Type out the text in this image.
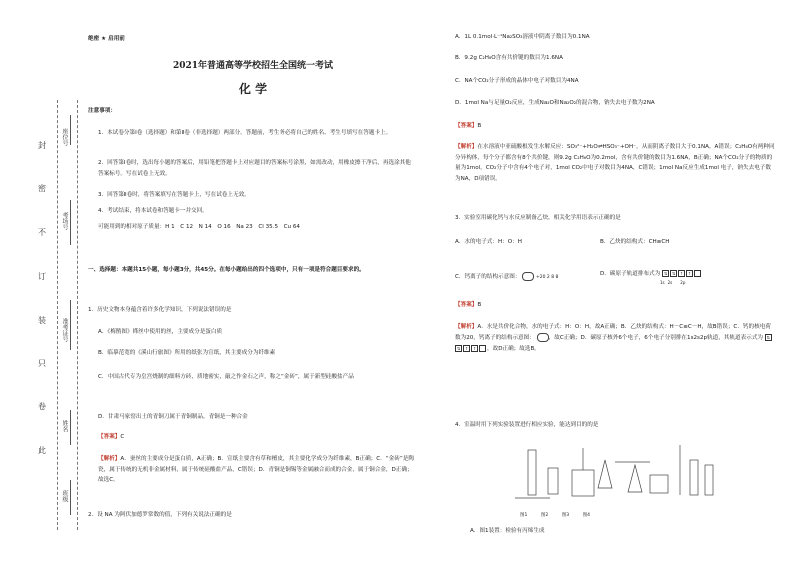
座位号
考场号
准考证号
姓名
班级
封
密
不
订
装
只
卷
此
绝密 ★ 启用前
2021年普通高等学校招生全国统一考试
化 学
注意事项：
1．本试卷分第Ⅰ卷（选择题）和第Ⅱ卷（非选择题）两部分。答题前，考生务必将自己的姓名、考生号填写在答题卡上。
2．回答第Ⅰ卷时，选出每小题的答案后，用铅笔把答题卡上对应题目的答案标号涂黑，如需改动，用橡皮擦干净后，再选涂其他答案标号。写在试卷上无效。
3．回答第Ⅱ卷时，将答案填写在答题卡上，写在试卷上无效。
4．考试结束，将本试卷和答题卡一并交回。
可能用到的相对原子质量：H 1　C 12　N 14　O 16　Na 23　Cl 35.5　Cu 64
一、选择题：本题共15小题，每小题3分，共45分。在每小题给出的四个选项中，只有一项是符合题目要求的。
1．历史文物本身蕴含着许多化学知识，下列说法错误的是
A．《梅鹊图》缂丝中使用的丝，主要成分是蛋白质
B．临摹范宽的《溪山行旅图》所用的纸张为宣纸，其主要成分为纤维素
C．中国古代专为皇宫烧制的细料方砖，质地密实，敲之作金石之声，称之“金砖”，属于新型硅酸盐产品
D．甘肃马家窑出土的青铜刀属于青铜制品，青铜是一种合金
【答案】C
【解析】A．蚕丝的主要成分是蛋白质，A正确；B．宣纸主要含有草和檀皮，其主要化学成分为纤维素，B正确；C．“金砖”是陶瓷，属于传统的无机非金属材料，属于传统硅酸盐产品，C错误；D．青铜是铜锡等金属融合而成的合金，属于铜合金，D正确；故选C。
2．设 NA 为阿伏加德罗常数的值，下列有关说法正确的是
A．1L 0.1mol·L⁻¹Na₂SO₃溶液中阴离子数目为0.1NA
B．9.2g C₂H₆O含有共价键的数目为1.6NA
C．NA个CO₂分子形成的晶体中电子对数目为4NA
D．1mol Na与足量O₂反应，生成Na₂O和Na₂O₂的混合物，钠失去电子数为2NA
【答案】B
【解析】在水溶液中亚硫酸根发生水解反应：SO₃²⁻+H₂O⇌HSO₃⁻+OH⁻，从而阴离子数目大于0.1NA，A错误；C₂H₆O有两种同分异构体，每个分子都含有8个共价键，则9.2g C₂H₆O为0.2mol，含有共价键的数目为1.6NA，B正确；NA个CO₂分子的物质的量为1mol，CO₂分子中含有4个电子对，1mol CO₂中电子对数目为4NA，C错误；1mol Na反应生成1mol 电子，钠失去电子数为NA，D项错误。
3．实验室用碳化钙与水反应制备乙炔，相关化学用语表示正确的是
A．水的电子式：H：O：H	B．乙炔的结构式：CH≡CH
C．钙离子的结构示意图：	+20 2 8 8
D．碳原子轨道排布式为 ⇅ ⇅ ↑ ↑
1s 2s 2p
【答案】B
【解析】A．水是共价化合物，水的电子式：H：O：H，故A正确；B．乙炔的结构式：H－C≡C－H，故B错误；C．钙的核电荷数为20，钙离子的结构示意图： ，故C正确；D．碳原子核外6个电子，6个电子分别排在1s2s2p轨道，其轨道表示式为 ⇅⇅ ↑ ↑ ，故D正确；故选B。
4．室温时用下列实验装置进行相应实验，能达到目的的是
图1　　　图2　　　图3　　　图4
A．图1装置：检验有丙烯生成
